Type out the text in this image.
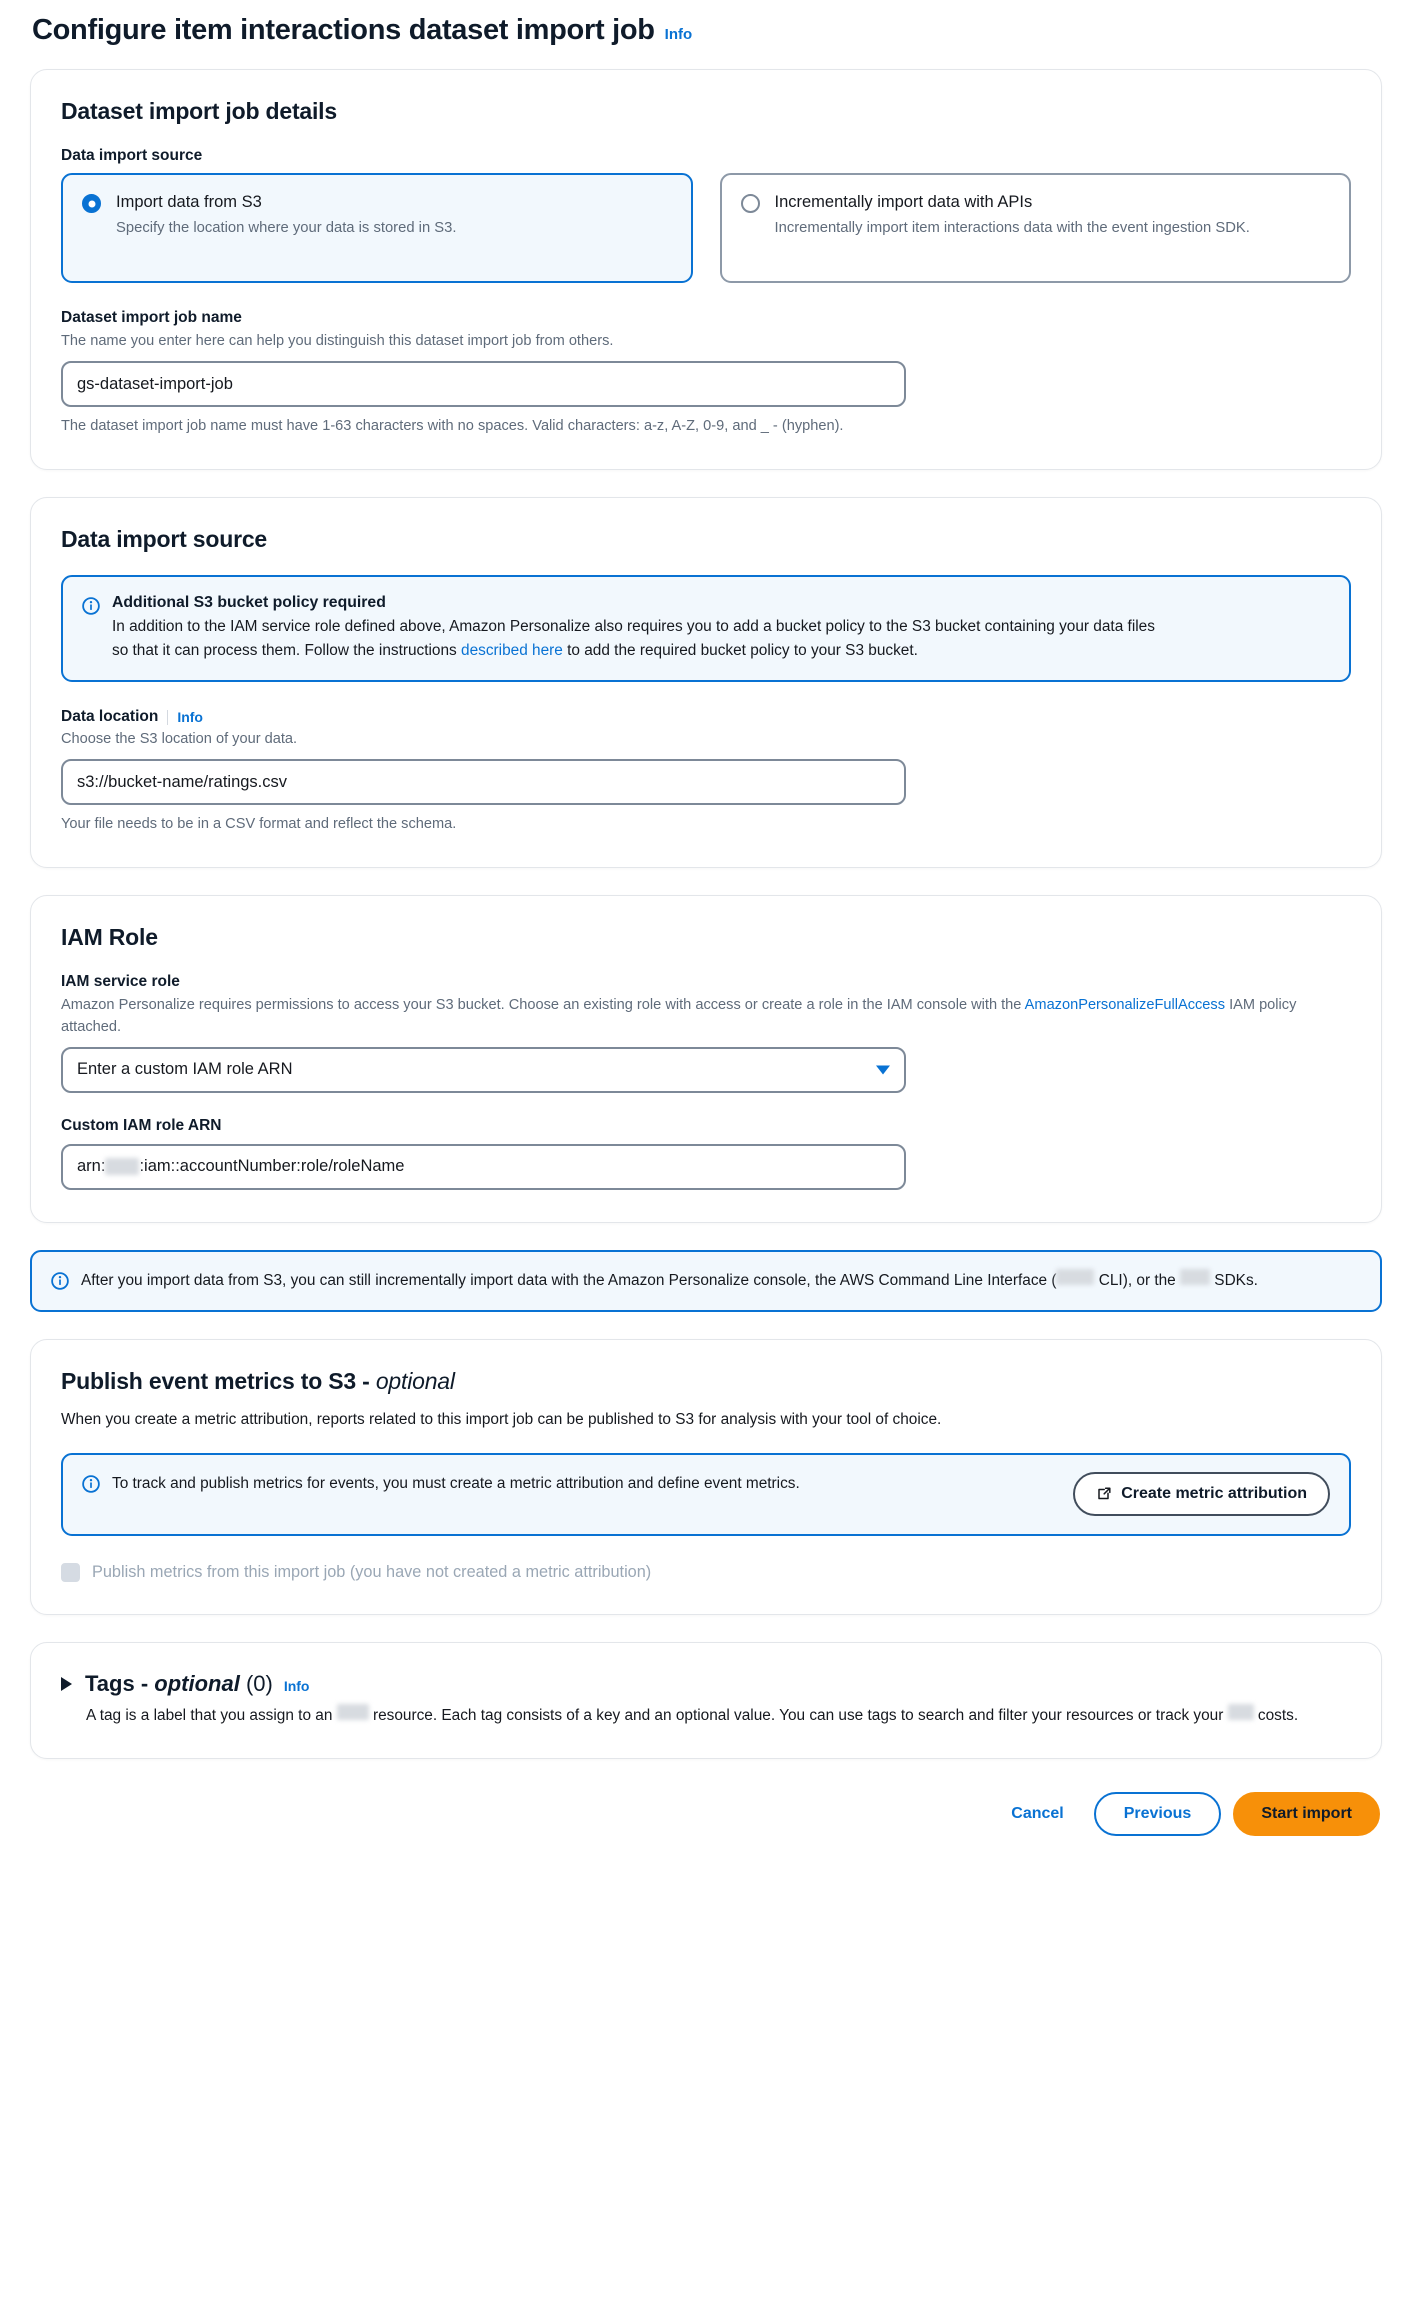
Configure item interactions dataset import job Info
Dataset import job details
Data import source
Import data from S3
Specify the location where your data is stored in S3.
Incrementally import data with APIs
Incrementally import item interactions data with the event ingestion SDK.
Dataset import job name
The name you enter here can help you distinguish this dataset import job from others.
gs-dataset-import-job
The dataset import job name must have 1-63 characters with no spaces. Valid characters: a-z, A-Z, 0-9, and _ - (hyphen).
Data import source
Additional S3 bucket policy required
In addition to the IAM service role defined above, Amazon Personalize also requires you to add a bucket policy to the S3 bucket containing your data files so that it can process them. Follow the instructions described here to add the required bucket policy to your S3 bucket.
Data location Info
Choose the S3 location of your data.
s3://bucket-name/ratings.csv
Your file needs to be in a CSV format and reflect the schema.
IAM Role
IAM service role
Amazon Personalize requires permissions to access your S3 bucket. Choose an existing role with access or create a role in the IAM console with the AmazonPersonalizeFullAccess IAM policy attached.
Enter a custom IAM role ARN
Custom IAM role ARN
arn: :iam::accountNumber:role/roleName
After you import data from S3, you can still incrementally import data with the Amazon Personalize console, the AWS Command Line Interface ( CLI), or the  SDKs.
Publish event metrics to S3 - optional
When you create a metric attribution, reports related to this import job can be published to S3 for analysis with your tool of choice.
To track and publish metrics for events, you must create a metric attribution and define event metrics.
Create metric attribution
Publish metrics from this import job (you have not created a metric attribution)
Tags - optional (0) Info
A tag is a label that you assign to an  resource. Each tag consists of a key and an optional value. You can use tags to search and filter your resources or track your  costs.
Cancel	Previous	Start import
